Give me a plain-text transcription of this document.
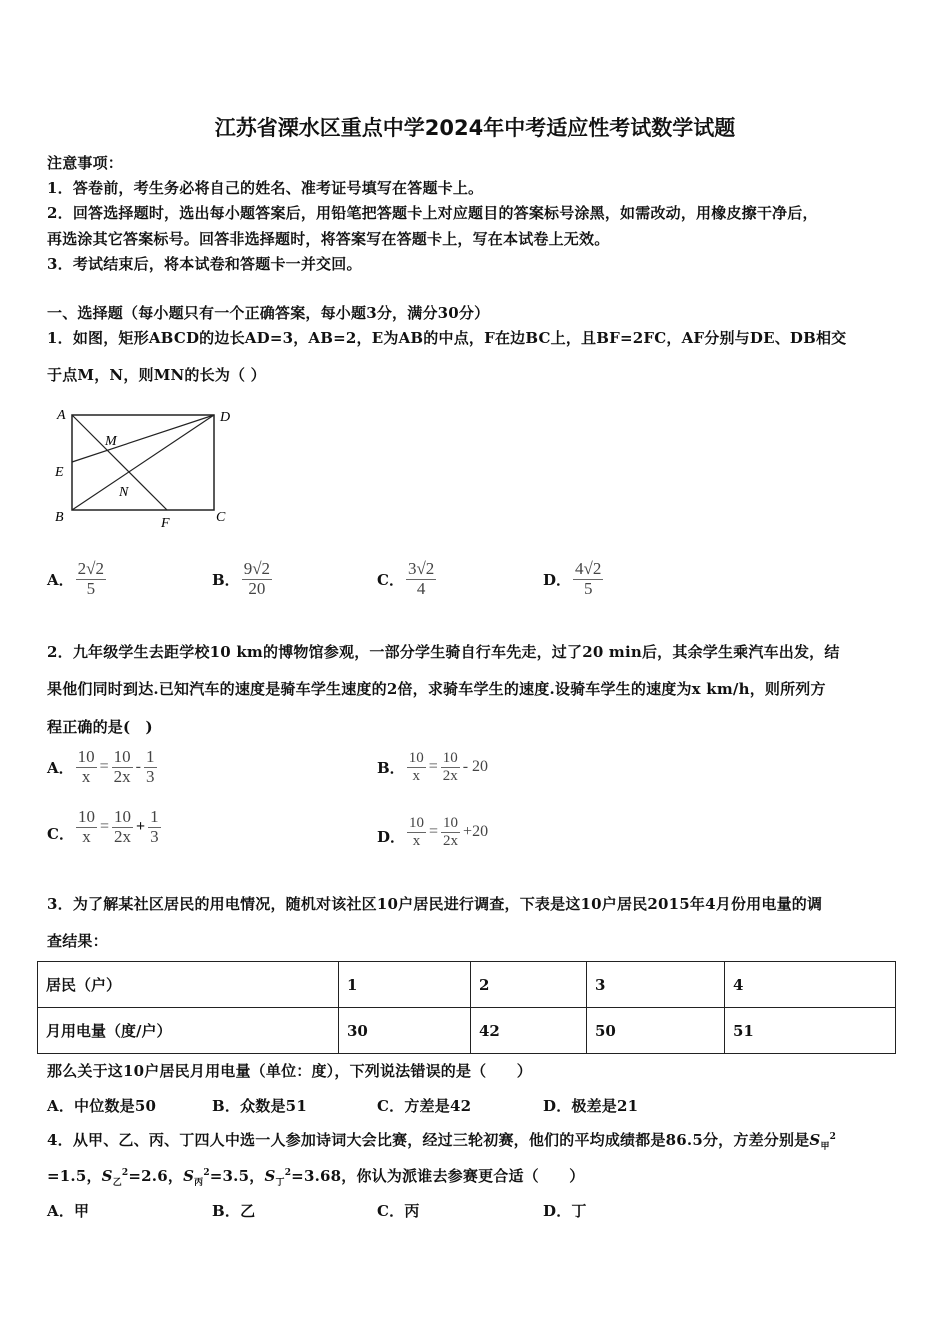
江苏省溧水区重点中学2024年中考适应性考试数学试题
注意事项：
1．答卷前，考生务必将自己的姓名、准考证号填写在答题卡上。
2．回答选择题时，选出每小题答案后，用铅笔把答题卡上对应题目的答案标号涂黑，如需改动，用橡皮擦干净后，
再选涂其它答案标号。回答非选择题时，将答案写在答题卡上，写在本试卷上无效。
3．考试结束后，将本试卷和答题卡一并交回。
一、选择题（每小题只有一个正确答案，每小题3分，满分30分）
1．如图，矩形ABCD的边长AD=3，AB=2，E为AB的中点，F在边BC上，且BF=2FC，AF分别与DE、DB相交
于点M，N，则MN的长为（ ）
A	D
E
B	C
F
M
N
A． $\frac{2√2}{5}$	B． $\frac{9√2}{20}$	C． $\frac{3√2}{4}$	D． $\frac{4√2}{5}$
2．九年级学生去距学校10 km的博物馆参观，一部分学生骑自行车先走，过了20 min后，其余学生乘汽车出发，结
果他们同时到达.已知汽车的速度是骑车学生速度的2倍，求骑车学生的速度.设骑车学生的速度为x km/h，则所列方
程正确的是(　)
A． $\frac{10}{x} = \frac{10}{2x} - \frac{1}{3}$	B． $\frac{10}{x} = \frac{10}{2x} - 20$
C． $\frac{10}{x} = \frac{10}{2x} + \frac{1}{3}$	D． $\frac{10}{x} = \frac{10}{2x} +20$
3．为了解某社区居民的用电情况，随机对该社区10户居民进行调查，下表是这10户居民2015年4月份用电量的调
查结果：
居民（户）	1	2	3	4
月用电量（度/户）	30	42	50	51
那么关于这10户居民月用电量（单位：度），下列说法错误的是（　　）
A．中位数是50	B．众数是51	C．方差是42	D．极差是21
4．从甲、乙、丙、丁四人中选一人参加诗词大会比赛，经过三轮初赛，他们的平均成绩都是86.5分，方差分别是$S_甲^2$
=1.5，$S_乙^2=2.6$，$S_丙^2=3.5$，$S_丁^2=3.68$，你认为派谁去参赛更合适（　　）
A．甲	B．乙	C．丙	D．丁
